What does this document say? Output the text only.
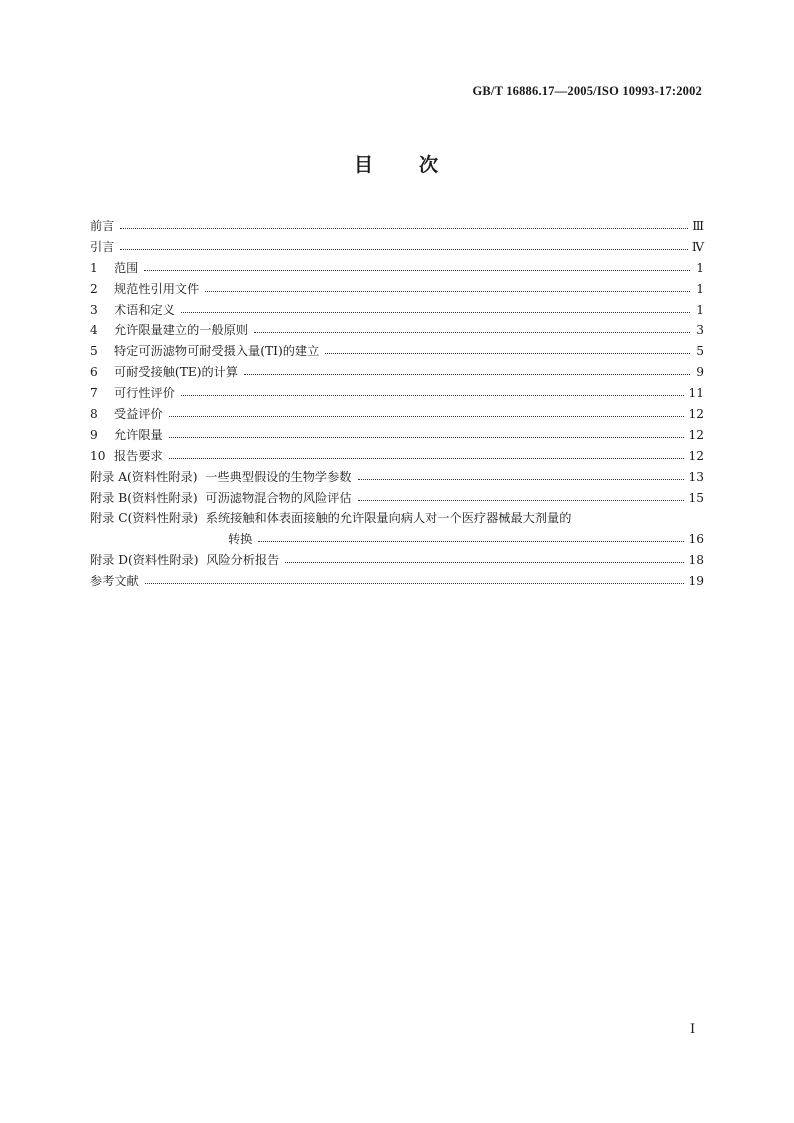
GB/T 16886.17—2005/ISO 10993-17:2002
目 次
前言	Ⅲ
引言	Ⅳ
1 范围	1
2 规范性引用文件	1
3 术语和定义	1
4 允许限量建立的一般原则	3
5 特定可沥滤物可耐受摄入量(TI)的建立	5
6 可耐受接触(TE)的计算	9
7 可行性评价	11
8 受益评价	12
9 允许限量	12
10 报告要求	12
附录 A(资料性附录)  一些典型假设的生物学参数	13
附录 B(资料性附录)  可沥滤物混合物的风险评估	15
附录 C(资料性附录)  系统接触和体表面接触的允许限量向病人对一个医疗器械最大剂量的
转换	16
附录 D(资料性附录)  风险分析报告	18
参考文献	19
I
